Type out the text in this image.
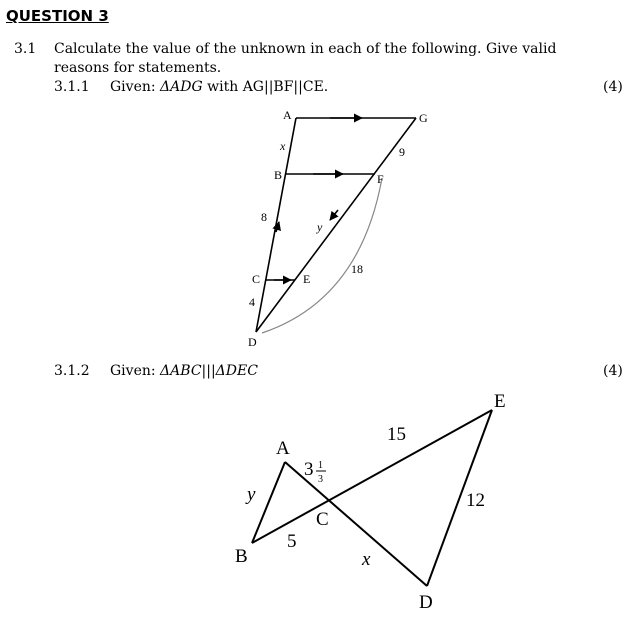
QUESTION 3
3.1 Calculate the value of the unknown in each of the following. Give valid
reasons for statements.
3.1.1 Given: ΔADG with AG||BF||CE.	(4)
3.1.2 Given: ΔABC|||ΔDEC	(4)
A	G
x	9
B	F
8
y
C	E
18
4
D
E
15
A
3 1
3
y	12
C
5
B	x
D
